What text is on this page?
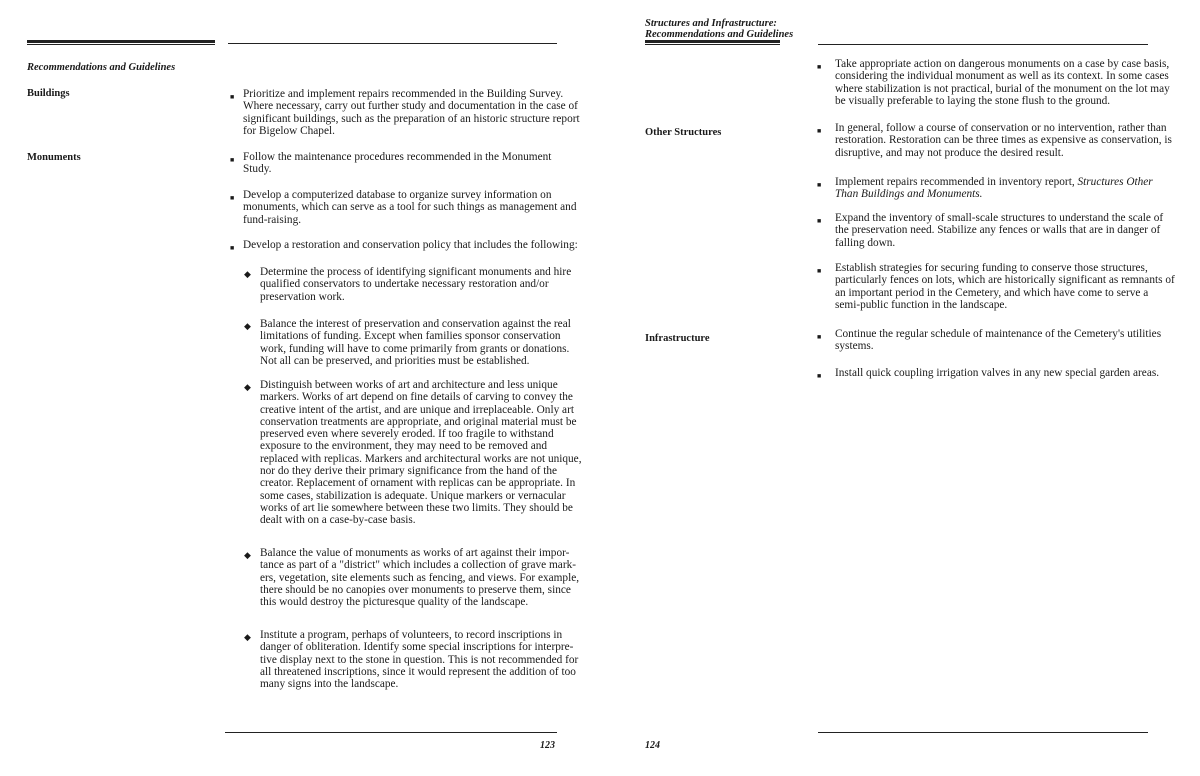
Recommendations and Guidelines
Buildings
Monuments
123
Structures and Infrastructure:
Recommendations and Guidelines
Other Structures
Infrastructure
124
■ Prioritize and implement repairs recommended in the Building Survey.
Where necessary, carry out further study and documentation in the case of
significant buildings, such as the preparation of an historic structure report
for Bigelow Chapel.
■ Follow the maintenance procedures recommended in the Monument
Study.
■ Develop a computerized database to organize survey information on
monuments, which can serve as a tool for such things as management and
fund-raising.
■ Develop a restoration and conservation policy that includes the following:
◆ Determine the process of identifying significant monuments and hire
qualified conservators to undertake necessary restoration and/or
preservation work.
◆ Balance the interest of preservation and conservation against the real
limitations of funding. Except when families sponsor conservation
work, funding will have to come primarily from grants or donations.
Not all can be preserved, and priorities must be established.
◆ Distinguish between works of art and architecture and less unique
markers. Works of art depend on fine details of carving to convey the
creative intent of the artist, and are unique and irreplaceable. Only art
conservation treatments are appropriate, and original material must be
preserved even where severely eroded. If too fragile to withstand
exposure to the environment, they may need to be removed and
replaced with replicas. Markers and architectural works are not unique,
nor do they derive their primary significance from the hand of the
creator. Replacement of ornament with replicas can be appropriate. In
some cases, stabilization is adequate. Unique markers or vernacular
works of art lie somewhere between these two limits. They should be
dealt with on a case-by-case basis.
◆ Balance the value of monuments as works of art against their impor-
tance as part of a "district" which includes a collection of grave mark-
ers, vegetation, site elements such as fencing, and views. For example,
there should be no canopies over monuments to preserve them, since
this would destroy the picturesque quality of the landscape.
◆ Institute a program, perhaps of volunteers, to record inscriptions in
danger of obliteration. Identify some special inscriptions for interpre-
tive display next to the stone in question. This is not recommended for
all threatened inscriptions, since it would represent the addition of too
many signs into the landscape.
■ Take appropriate action on dangerous monuments on a case by case basis,
considering the individual monument as well as its context. In some cases
where stabilization is not practical, burial of the monument on the lot may
be visually preferable to laying the stone flush to the ground.
■ In general, follow a course of conservation or no intervention, rather than
restoration. Restoration can be three times as expensive as conservation, is
disruptive, and may not produce the desired result.
■ Implement repairs recommended in inventory report, Structures Other
Than Buildings and Monuments.
■ Expand the inventory of small-scale structures to understand the scale of
the preservation need. Stabilize any fences or walls that are in danger of
falling down.
■ Establish strategies for securing funding to conserve those structures,
particularly fences on lots, which are historically significant as remnants of
an important period in the Cemetery, and which have come to serve a
semi-public function in the landscape.
■ Continue the regular schedule of maintenance of the Cemetery's utilities
systems.
■ Install quick coupling irrigation valves in any new special garden areas.
